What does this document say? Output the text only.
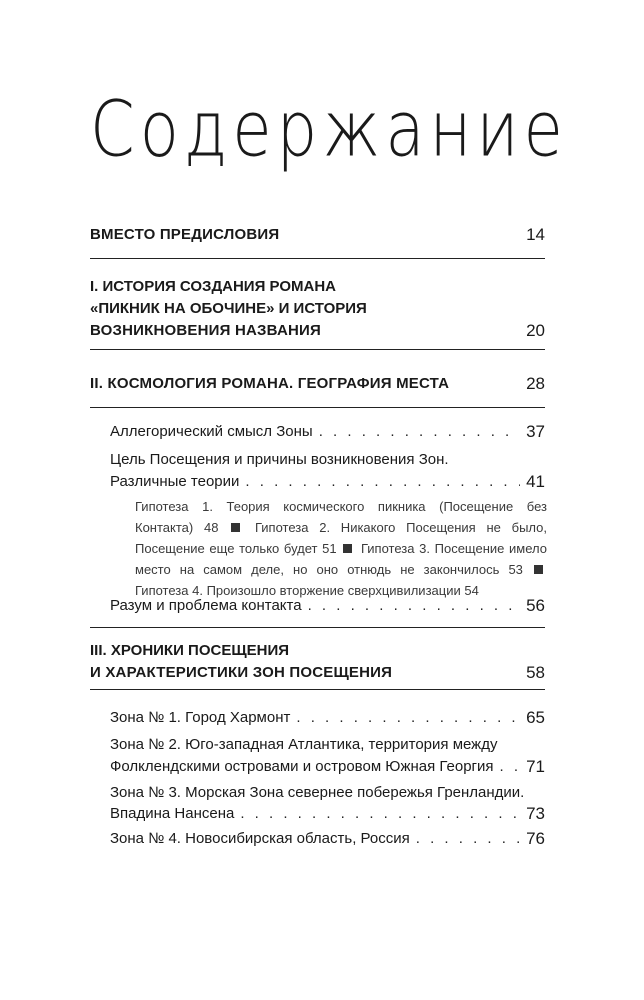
Содержание
ВМЕСТО ПРЕДИСЛОВИЯ	14
I. ИСТОРИЯ СОЗДАНИЯ РОМАНА
«ПИКНИК НА ОБОЧИНЕ» И ИСТОРИЯ
ВОЗНИКНОВЕНИЯ НАЗВАНИЯ	20
II. КОСМОЛОГИЯ РОМАНА. ГЕОГРАФИЯ МЕСТА	28
Аллегорический смысл Зоны . . .	37
Цель Посещения и причины возникновения Зон.
Различные теории . . .	41
Гипотеза 1. Теория космического пикника (Посещение без Контакта) 48	Гипотеза 2. Никакого Посещения не было, Посещение еще только будет 51 Гипотеза 3. Посещение имело место на самом деле, но оно отнюдь не закончилось 53  Гипотеза 4. Произошло вторжение сверхцивилизации 54
Разум и проблема контакта . . .	56
III. ХРОНИКИ ПОСЕЩЕНИЯ
И ХАРАКТЕРИСТИКИ ЗОН ПОСЕЩЕНИЯ	58
Зона № 1. Город Хармонт . . .	65
Зона № 2. Юго-западная Атлантика, территория между
Фолклендскими островами и островом Южная Георгия . . . 71
Зона № 3. Морская Зона севернее побережья Гренландии.
Впадина Нансена . . .	73
Зона № 4. Новосибирская область, Россия . . .	76
